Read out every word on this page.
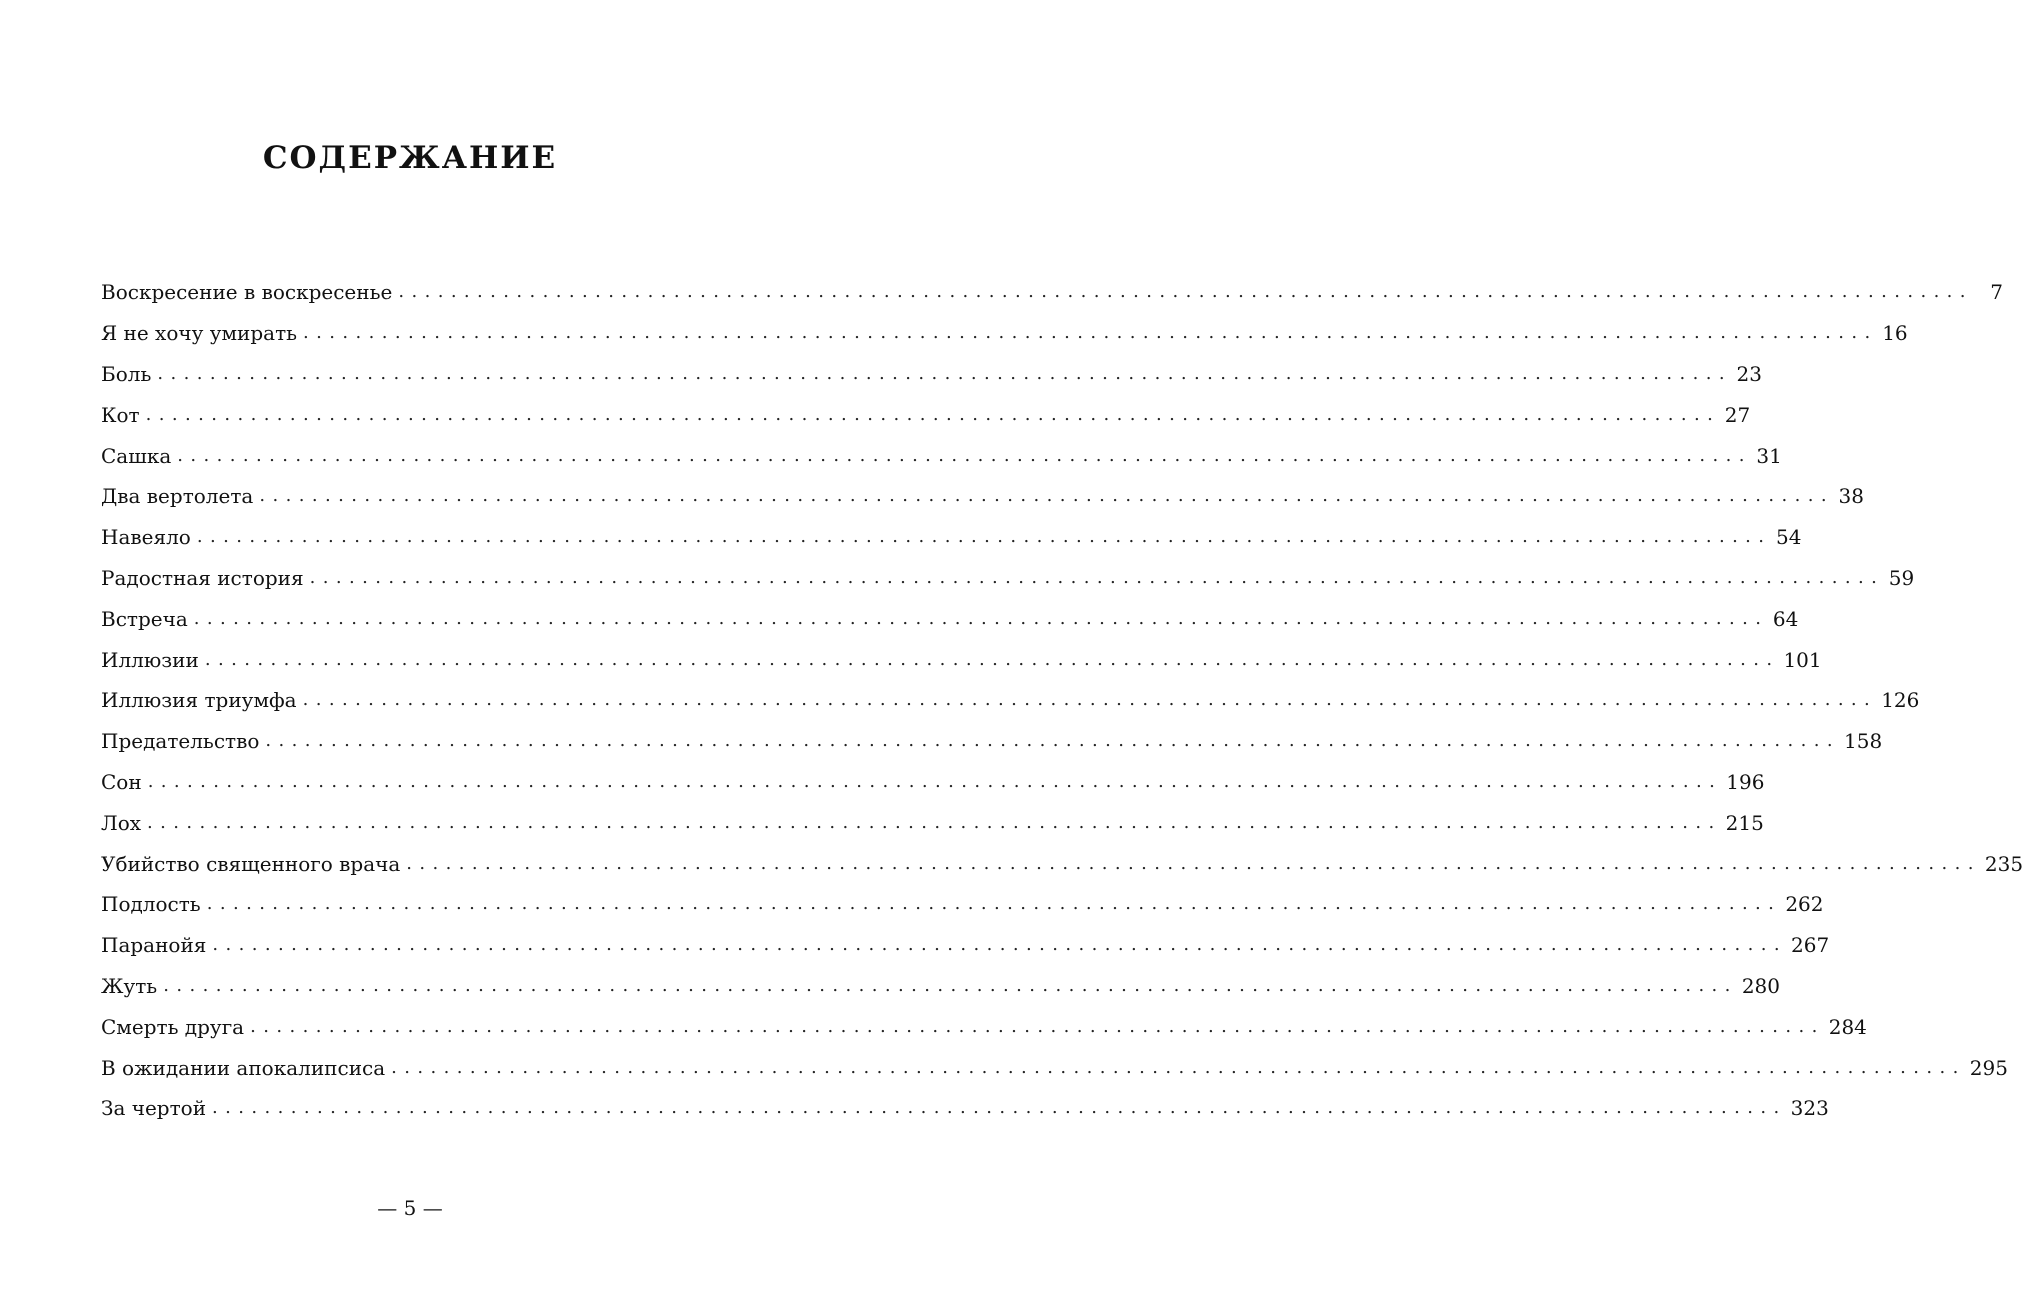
СОДЕРЖАНИЕ
Воскресение в воскресенье ........................................................................................................................ 7
Я не хочу умирать ........................................................................................................................ 16
Боль ........................................................................................................................ 23
Кот ........................................................................................................................ 27
Сашка ........................................................................................................................ 31
Два вертолета ........................................................................................................................ 38
Навеяло ........................................................................................................................ 54
Радостная история ........................................................................................................................ 59
Встреча ........................................................................................................................ 64
Иллюзии ........................................................................................................................ 101
Иллюзия триумфа ........................................................................................................................ 126
Предательство ........................................................................................................................ 158
Сон ........................................................................................................................ 196
Лох ........................................................................................................................ 215
Убийство священного врача ........................................................................................................................ 235
Подлость ........................................................................................................................ 262
Паранойя ........................................................................................................................ 267
Жуть ........................................................................................................................ 280
Смерть друга ........................................................................................................................ 284
В ожидании апокалипсиса ........................................................................................................................ 295
За чертой ........................................................................................................................ 323
— 5 —
